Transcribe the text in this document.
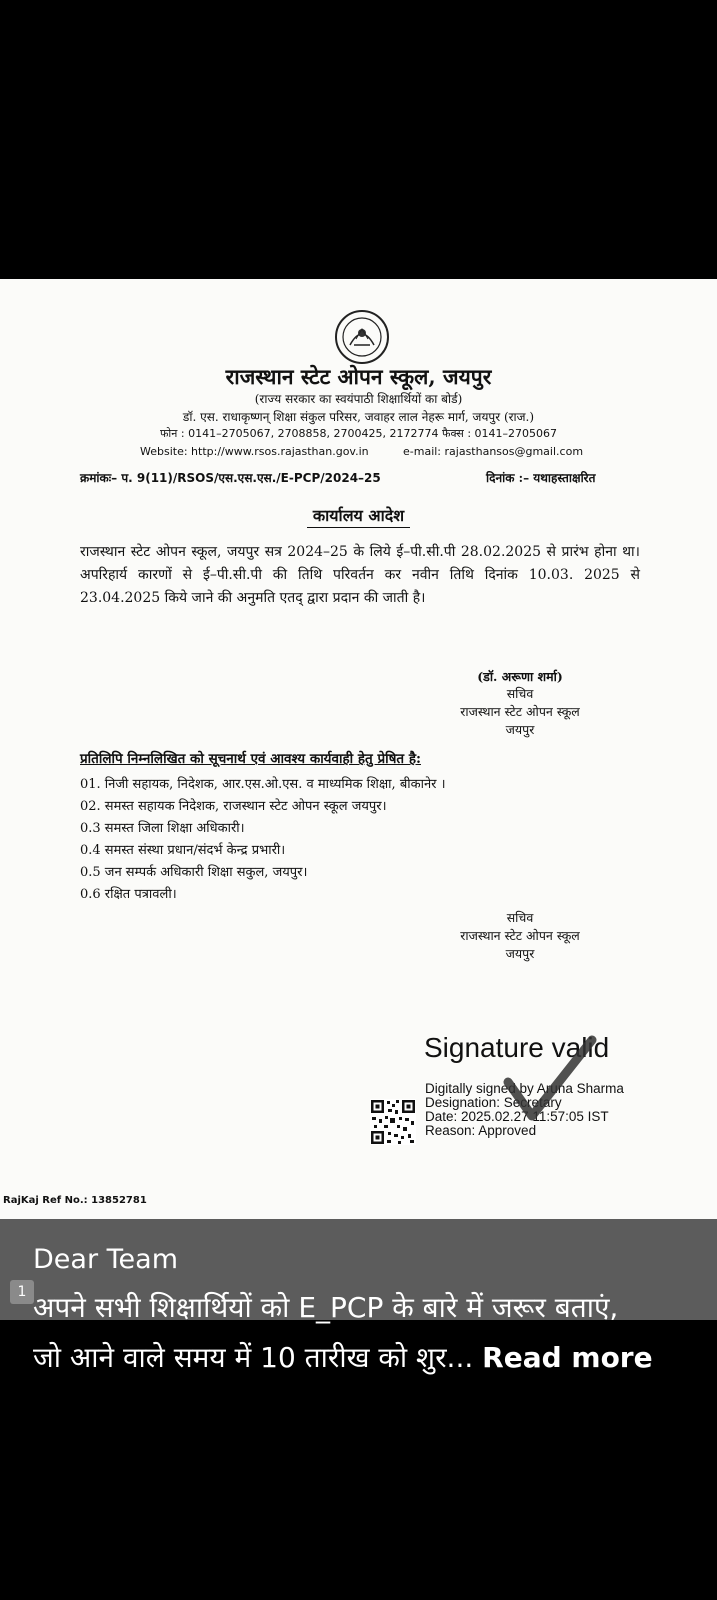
राजस्थान स्टेट ओपन स्कूल, जयपुर
(राज्य सरकार का स्वयंपाठी शिक्षार्थियों का बोर्ड)
डॉ. एस. राधाकृष्णन् शिक्षा संकुल परिसर, जवाहर लाल नेहरू मार्ग, जयपुर (राज.)
फोन : 0141–2705067, 2708858, 2700425, 2172774 फैक्स : 0141–2705067
Website: http://www.rsos.rajasthan.gov.in	e-mail: rajasthansos@gmail.com
क्रमांकः– प. 9(11)/RSOS/एस.एस.एस./E-PCP/2024–25	दिनांक :– यथाहस्ताक्षरित
कार्यालय आदेश
राजस्थान स्टेट ओपन स्कूल, जयपुर सत्र 2024–25 के लिये ई–पी.सी.पी 28.02.2025 से प्रारंभ होना था। अपरिहार्य कारणों से ई–पी.सी.पी की तिथि परिवर्तन कर नवीन तिथि दिनांक 10.03. 2025 से 23.04.2025 किये जाने की अनुमति एतद् द्वारा प्रदान की जाती है।
(डॉ. अरूणा शर्मा)
सचिव
राजस्थान स्टेट ओपन स्कूल
जयपुर
प्रतिलिपि निम्नलिखित को सूचनार्थ एवं आवश्य कार्यवाही हेतु प्रेषित है:
01. निजी सहायक, निदेशक, आर.एस.ओ.एस. व माध्यमिक शिक्षा, बीकानेर ।
02. समस्त सहायक निदेशक, राजस्थान स्टेट ओपन स्कूल जयपुर।
0.3 समस्त जिला शिक्षा अधिकारी।
0.4 समस्त संस्था प्रधान/संदर्भ केन्द्र प्रभारी।
0.5 जन सम्पर्क अधिकारी शिक्षा सकुल, जयपुर।
0.6 रक्षित पत्रावली।
सचिव
राजस्थान स्टेट ओपन स्कूल
जयपुर
Signature valid
Digitally signed by Aruna Sharma
Designation: Secretary
Date: 2025.02.27 11:57:05 IST
Reason: Approved
RajKaj Ref No.: 13852781
1
Dear Team
अपने सभी शिक्षार्थियों को E_PCP के बारे में जरूर बताएं,
जो आने वाले समय में 10 तारीख को शुर... Read more
